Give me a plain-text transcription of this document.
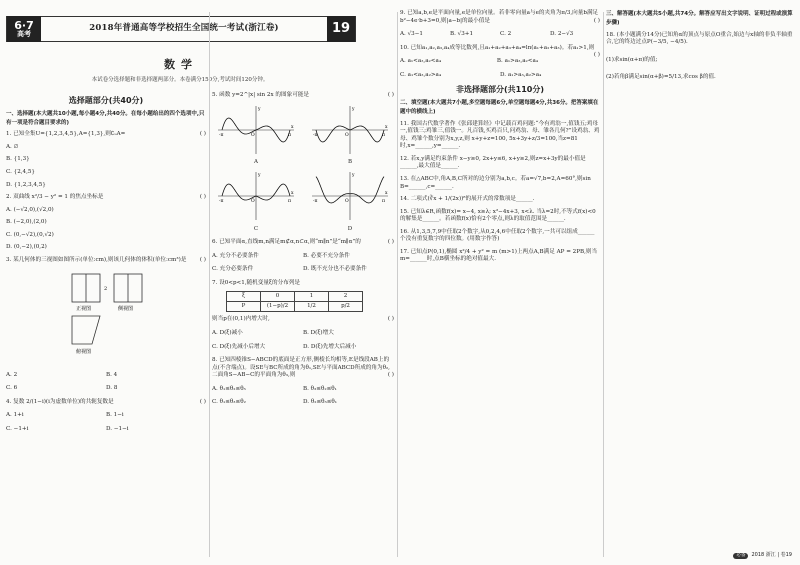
6·7
高考
2018年普通高等学校招生全国统一考试(浙江卷)	19
数学
本试卷分选择题和非选择题两部分。本卷满分150分,考试时间120分钟。
选择题部分(共40分)
一、选择题(本大题共10小题,每小题4分,共40分。在每小题给出的四个选项中,只有一项是符合题目要求的)
1. 已知全集U={1,2,3,4,5},A={1,3},则∁ᵤA=	( )
A. ∅
B. {1,3}
C. {2,4,5}
D. {1,2,3,4,5}
2. 双曲线 x²/3 − y² = 1 的焦点坐标是	( )
A. (−√2,0),(√2,0)
B. (−2,0),(2,0)
C. (0,−√2),(0,√2)
D. (0,−2),(0,2)
3. 某几何体的三视图如图所示(单位:cm),则该几何体的体积(单位:cm³)是 ( )
正视图	侧视图
俯视图
2
A. 2	B. 4
C. 6	D. 8
4. 复数 2/(1−i)(i为虚数单位)的共轭复数是	( )
A. 1+i	B. 1−i
C. −1+i	D. −1−i
5. 函数 y=2^|x| sin 2x 的图象可能是	( )
-π	π
O
x
y
A
-π	π
O
x
y
B
-π	π
O
x
y
C
-π	π
O
x
y
D
6. 已知平面α,直线m,n满足m⊄α,n⊂α,则“m∥n”是“m∥α”的	( )
A. 充分不必要条件	B. 必要不充分条件
C. 充分必要条件	D. 既不充分也不必要条件
7. 设0<p<1,随机变量ξ的分布列是
ξ	0	1	2
P	(1−p)/2	1/2	p/2
则当p在(0,1)内增大时,	( )
A. D(ξ)减小	B. D(ξ)增大
C. D(ξ)先减小后增大	D. D(ξ)先增大后减小
8. 已知四棱锥S−ABCD的底面是正方形,侧棱长均相等,E是线段AB上的点(不含端点)。设SE与BC所成的角为θ₁,SE与平面ABCD所成的角为θ₂,二面角S−AB−C的平面角为θ₃,则	( )
A. θ₁≤θ₂≤θ₃	B. θ₃≤θ₂≤θ₁
C. θ₁≤θ₃≤θ₂	D. θ₂≤θ₃≤θ₁
9. 已知a,b,e是平面向量,e是单位向量。若非零向量a与e的夹角为π/3,向量b满足b²−4e·b+3=0,则|a−b|的最小值是	( )
A. √3−1	B. √3+1	C. 2	D. 2−√3
10. 已知a₁,a₂,a₃,a₄成等比数列,且a₁+a₂+a₃+a₄=ln(a₁+a₂+a₃)。若a₁>1,则
( )
A. a₁<a₃,a₂<a₄	B. a₁>a₃,a₂<a₄
C. a₁<a₃,a₂>a₄	D. a₁>a₃,a₂>a₄
非选择题部分(共110分)
二、填空题(本大题共7小题,多空题每题6分,单空题每题4分,共36分。把答案填在题中的横线上)
11. 我国古代数学著作《张邱建算经》中记载百鸡问题:“今有鸡翁一,值钱五;鸡母一,值钱三;鸡雏三,值钱一。凡百钱,买鸡百只,问鸡翁、母、雏各几何?”设鸡翁、鸡母、鸡雏个数分别为x,y,z,则 x+y+z=100, 5x+3y+z/3=100,当z=81时,x=______,y=______.
12. 若x,y满足约束条件 x−y≥0, 2x+y≤6, x+y≥2,则z=x+3y的最小值是______,最大值是______.
13. 在△ABC中,角A,B,C所对的边分别为a,b,c。若a=√7,b=2,A=60°,则sin B=______,c=______.
14. 二项式(∛x + 1/(2x))⁸的展开式的常数项是______.
15. 已知λ∈R,函数f(x)= x−4, x≥λ; x²−4x+3, x<λ. 当λ=2时,不等式f(x)<0的解集是______。若函数f(x)恰有2个零点,则λ的取值范围是______.
16. 从1,3,5,7,9中任取2个数字,从0,2,4,6中任取2个数字,一共可以组成______个没有重复数字的四位数。(用数字作答)
17. 已知点P(0,1),椭圆 x²/4 + y² = m (m>1)上两点A,B满足 AP = 2PB,则当m=______时,点B横坐标的绝对值最大.
三、解答题(本大题共5小题,共74分。解答应写出文字说明、证明过程或演算步骤)
18. (本小题满分14分)已知角α的顶点与原点O重合,始边与x轴的非负半轴重合,它的终边过点P(−3/5, −4/5).
(1)求sin(α+π)的值;
(2)若角β满足sin(α+β)=5/13,求cos β的值.
必备	2018 浙江 | 卷19
